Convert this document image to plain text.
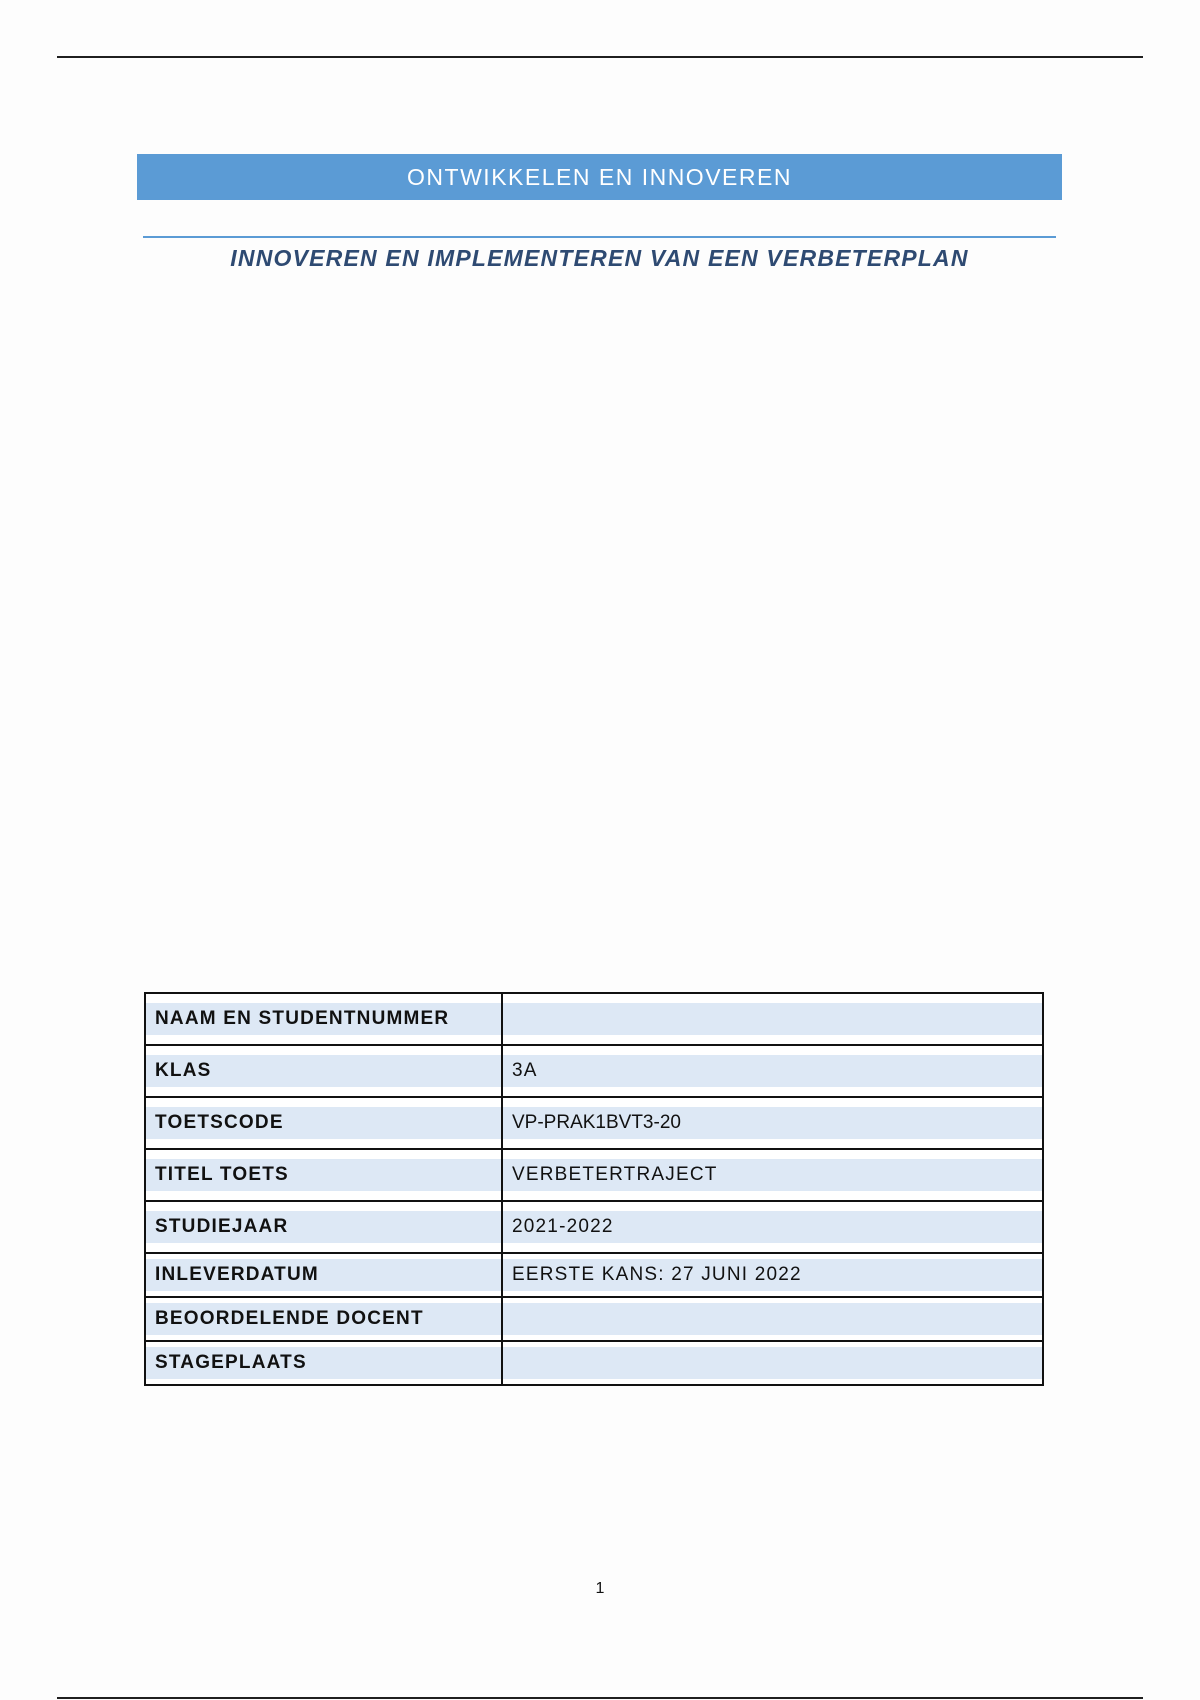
ONTWIKKELEN EN INNOVEREN
INNOVEREN EN IMPLEMENTEREN VAN EEN VERBETERPLAN
NAAM EN STUDENTNUMMER	

KLAS	3A

TOETSCODE	VP-PRAK1BVT3-20

TITEL TOETS	VERBETERTRAJECT

STUDIEJAAR	2021-2022

INLEVERDATUM	EERSTE KANS: 27 JUNI 2022

BEOORDELENDE DOCENT	

STAGEPLAATS	

1
